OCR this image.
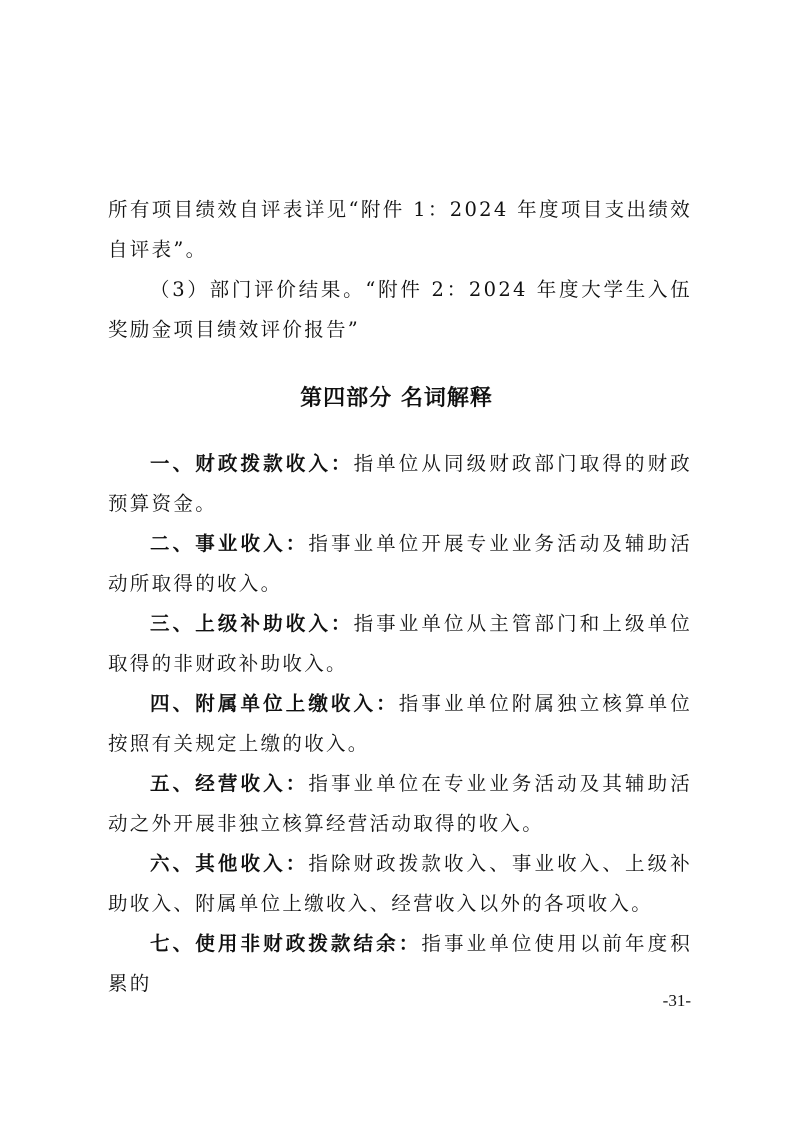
所有项目绩效自评表详见“附件 1：2024 年度项目支出绩效自评表”。

（3）部门评价结果。“附件 2：2024 年度大学生入伍奖励金项目绩效评价报告”

第四部分 名词解释

一、财政拨款收入：指单位从同级财政部门取得的财政预算资金。

二、事业收入：指事业单位开展专业业务活动及辅助活动所取得的收入。

三、上级补助收入：指事业单位从主管部门和上级单位取得的非财政补助收入。

四、附属单位上缴收入：指事业单位附属独立核算单位按照有关规定上缴的收入。

五、经营收入：指事业单位在专业业务活动及其辅助活动之外开展非独立核算经营活动取得的收入。

六、其他收入：指除财政拨款收入、事业收入、上级补助收入、附属单位上缴收入、经营收入以外的各项收入。

七、使用非财政拨款结余：指事业单位使用以前年度积累的

-31-
